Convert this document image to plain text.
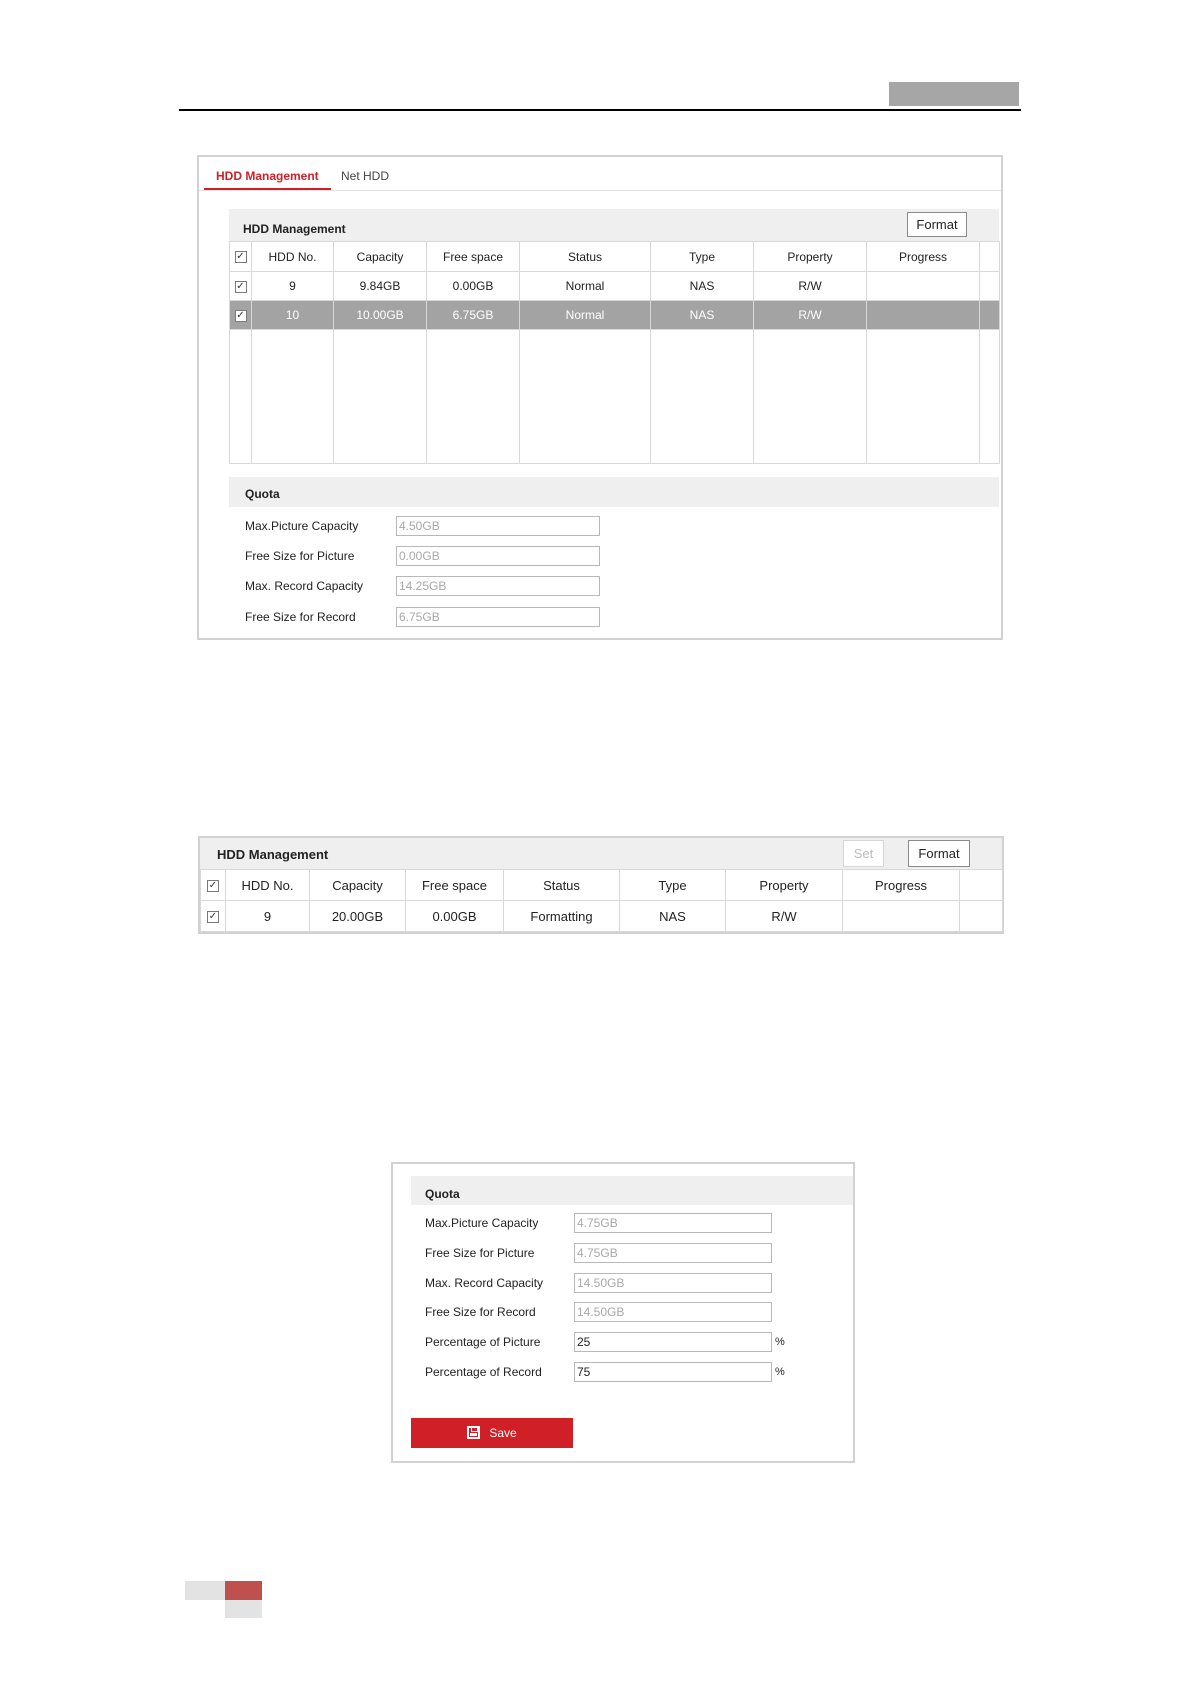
HDD Management	Net HDD
HDD Management	Format
✓	HDD No.	Capacity	Free space	Status	Type	Property	Progress	
✓	9	9.84GB	0.00GB	Normal	NAS	R/W		
✓	10	10.00GB	6.75GB	Normal	NAS	R/W		

Quota
Max.Picture Capacity	4.50GB
Free Size for Picture	0.00GB
Max. Record Capacity	14.25GB
Free Size for Record	6.75GB
HDD Management	Set	Format
✓	HDD No.	Capacity	Free space	Status	Type	Property	Progress	
✓	9	20.00GB	0.00GB	Formatting	NAS	R/W		
Quota
Max.Picture Capacity	4.75GB
Free Size for Picture	4.75GB
Max. Record Capacity	14.50GB
Free Size for Record	14.50GB
Percentage of Picture	25	%
Percentage of Record	75	%
Save
